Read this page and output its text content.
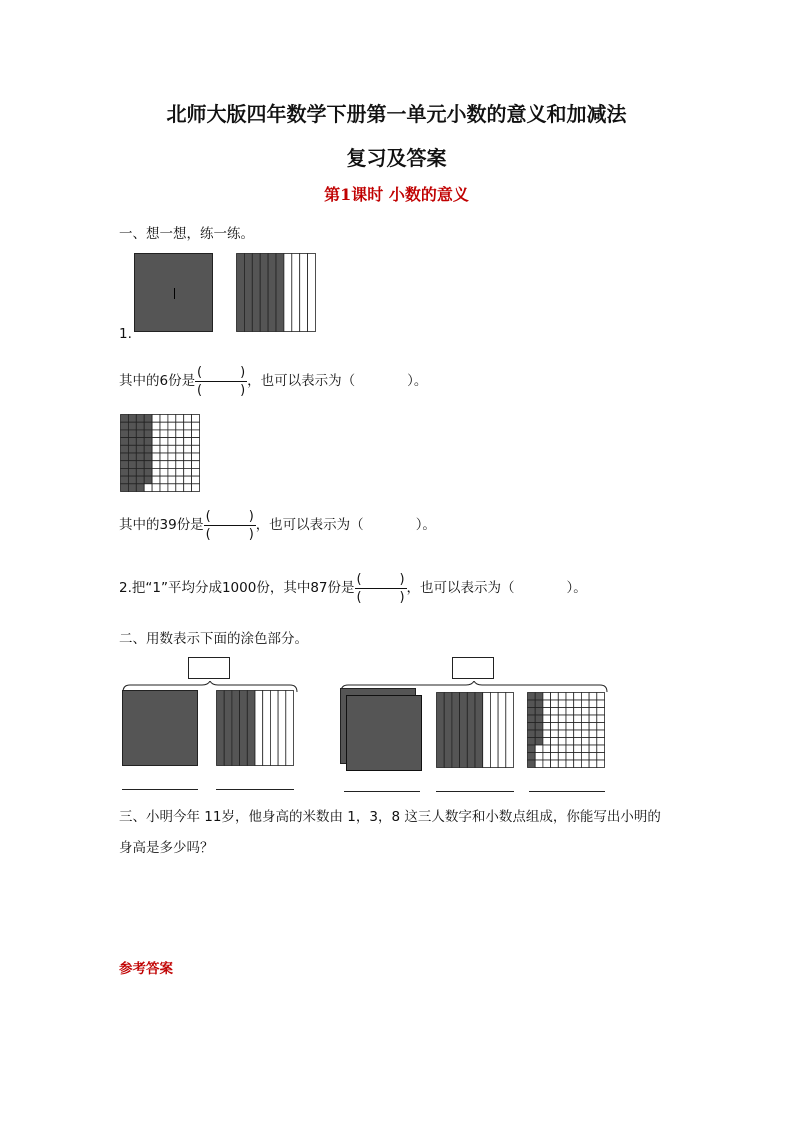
北师大版四年数学下册第一单元小数的意义和加减法
复习及答案
第1课时 小数的意义
一、想一想，练一练。
1.
其中的6份是 (	)
(	) ，也可以表示为（	）。
其中的39份是 (	)
(	) ，也可以表示为（	）。
2.把“1”平均分成1000份，其中87份是 (	)
(	) ，也可以表示为（	）。
二、用数表示下面的涂色部分。
三、小明今年 11岁，他身高的米数由 1，3，8 这三人数字和小数点组成，你能写出小明的
身高是多少吗？
参考答案
